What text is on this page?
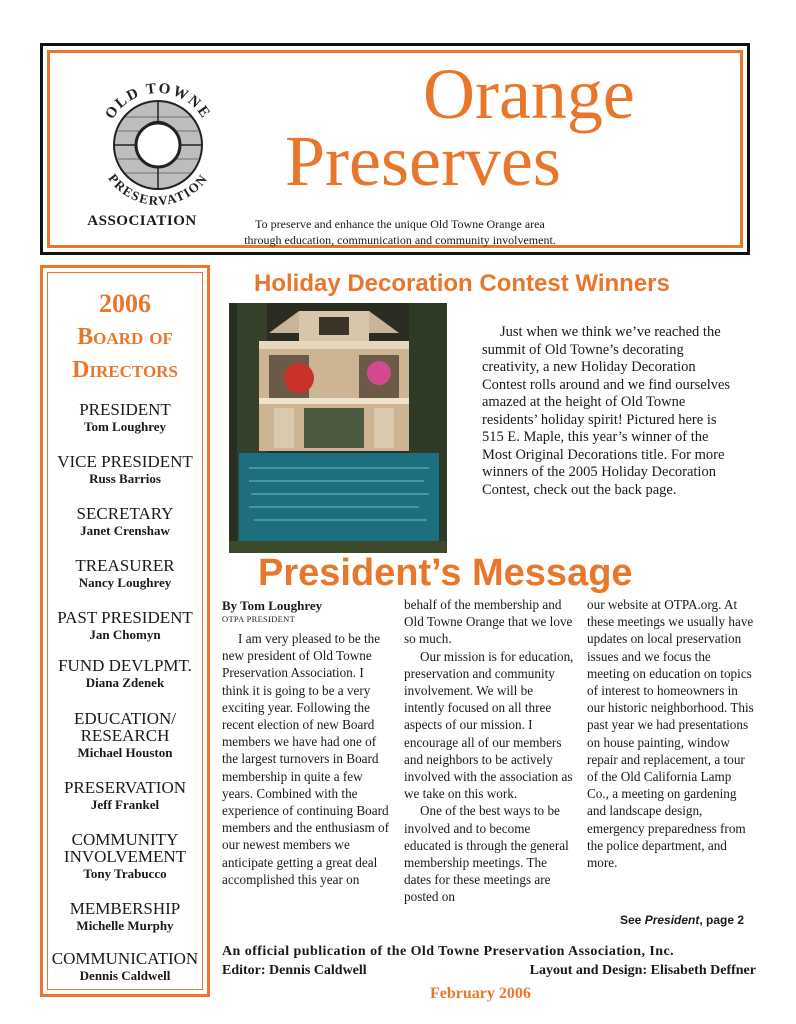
OLD TOWNE
PRESERVATION
ASSOCIATION
Orange
Preserves
To preserve and enhance the unique Old Towne Orange area
through education, communication and community involvement.
2006
Board of
Directors
PRESIDENT
Tom Loughrey
VICE PRESIDENT
Russ Barrios
SECRETARY
Janet Crenshaw
TREASURER
Nancy Loughrey
PAST PRESIDENT
Jan Chomyn
FUND DEVLPMT.
Diana Zdenek
EDUCATION/
RESEARCH
Michael Houston
PRESERVATION
Jeff Frankel
COMMUNITY
INVOLVEMENT
Tony Trabucco
MEMBERSHIP
Michelle Murphy
COMMUNICATION
Dennis Caldwell
Holiday Decoration Contest Winners
Just when we think we’ve reached the summit of Old Towne’s decorating creativity, a new Holiday Decoration Contest rolls around and we find ourselves amazed at the height of Old Towne residents’ holiday spirit! Pictured here is 515 E. Maple, this year’s winner of the Most Original Decorations title. For more winners of the 2005 Holiday Decoration Contest, check out the back page.
President’s Message
By Tom Loughrey
OTPA PRESIDENT

I am very pleased to be the new president of Old Towne Preservation Association. I think it is going to be a very exciting year. Following the recent election of new Board members we have had one of the largest turnovers in Board membership in quite a few years. Combined with the experience of continuing Board members and the enthusiasm of our newest members we anticipate getting a great deal accomplished this year on

behalf of the membership and Old Towne Orange that we love so much.

Our mission is for education, preservation and community involvement. We will be intently focused on all three aspects of our mission. I encourage all of our members and neighbors to be actively involved with the association as we take on this work.

One of the best ways to be involved and to become educated is through the general membership meetings. The dates for these meetings are posted on

our website at OTPA.org. At these meetings we usually have updates on local preservation issues and we focus the meeting on education on topics of interest to homeowners in our historic neighborhood. This past year we had presentations on house painting, window repair and replacement, a tour of the Old California Lamp Co., a meeting on gardening and landscape design, emergency preparedness from the police department, and more.

See President, page 2
An official publication of the Old Towne Preservation Association, Inc.
Editor: Dennis Caldwell	Layout and Design: Elisabeth Deffner
February 2006
